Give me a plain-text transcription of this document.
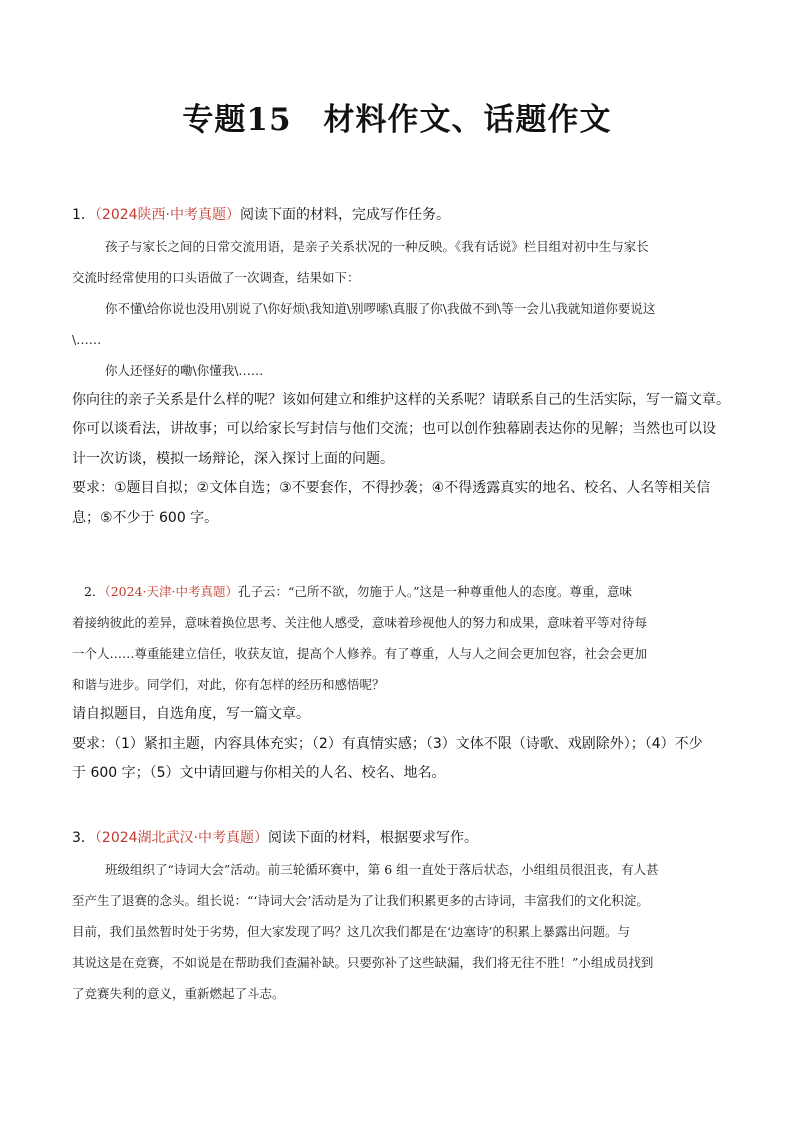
专题15　材料作文、话题作文
1．（2024陕西·中考真题）阅读下面的材料，完成写作任务。
孩子与家长之间的日常交流用语，是亲子关系状况的一种反映。《我有话说》栏目组对初中生与家长
交流时经常使用的口头语做了一次调查，结果如下：
你不懂\给你说也没用\别说了\你好烦\我知道\别啰嗦\真服了你\我做不到\等一会儿\我就知道你要说这
\……
你人还怪好的嘞\你懂我\……
你向往的亲子关系是什么样的呢？该如何建立和维护这样的关系呢？请联系自己的生活实际，写一篇文章。
你可以谈看法，讲故事；可以给家长写封信与他们交流；也可以创作独幕剧表达你的见解；当然也可以设
计一次访谈，模拟一场辩论，深入探讨上面的问题。
要求：①题目自拟；②文体自选；③不要套作，不得抄袭；④不得透露真实的地名、校名、人名等相关信
息；⑤不少于 600 字。
2．（2024·天津·中考真题）孔子云：“己所不欲，勿施于人。”这是一种尊重他人的态度。尊重，意味
着接纳彼此的差异，意味着换位思考、关注他人感受，意味着珍视他人的努力和成果，意味着平等对待每
一个人……尊重能建立信任，收获友谊，提高个人修养。有了尊重，人与人之间会更加包容，社会会更加
和谐与进步。同学们，对此，你有怎样的经历和感悟呢？
请自拟题目，自选角度，写一篇文章。
要求：（1）紧扣主题，内容具体充实；（2）有真情实感；（3）文体不限（诗歌、戏剧除外）；（4）不少
于 600 字；（5）文中请回避与你相关的人名、校名、地名。
3．（2024湖北武汉·中考真题）阅读下面的材料，根据要求写作。
班级组织了“诗词大会”活动。前三轮循环赛中，第 6 组一直处于落后状态，小组组员很沮丧，有人甚
至产生了退赛的念头。组长说：“‘诗词大会’活动是为了让我们积累更多的古诗词，丰富我们的文化积淀。
目前，我们虽然暂时处于劣势，但大家发现了吗？这几次我们都是在‘边塞诗’的积累上暴露出问题。与
其说这是在竞赛，不如说是在帮助我们查漏补缺。只要弥补了这些缺漏，我们将无往不胜！”小组成员找到
了竞赛失利的意义，重新燃起了斗志。
